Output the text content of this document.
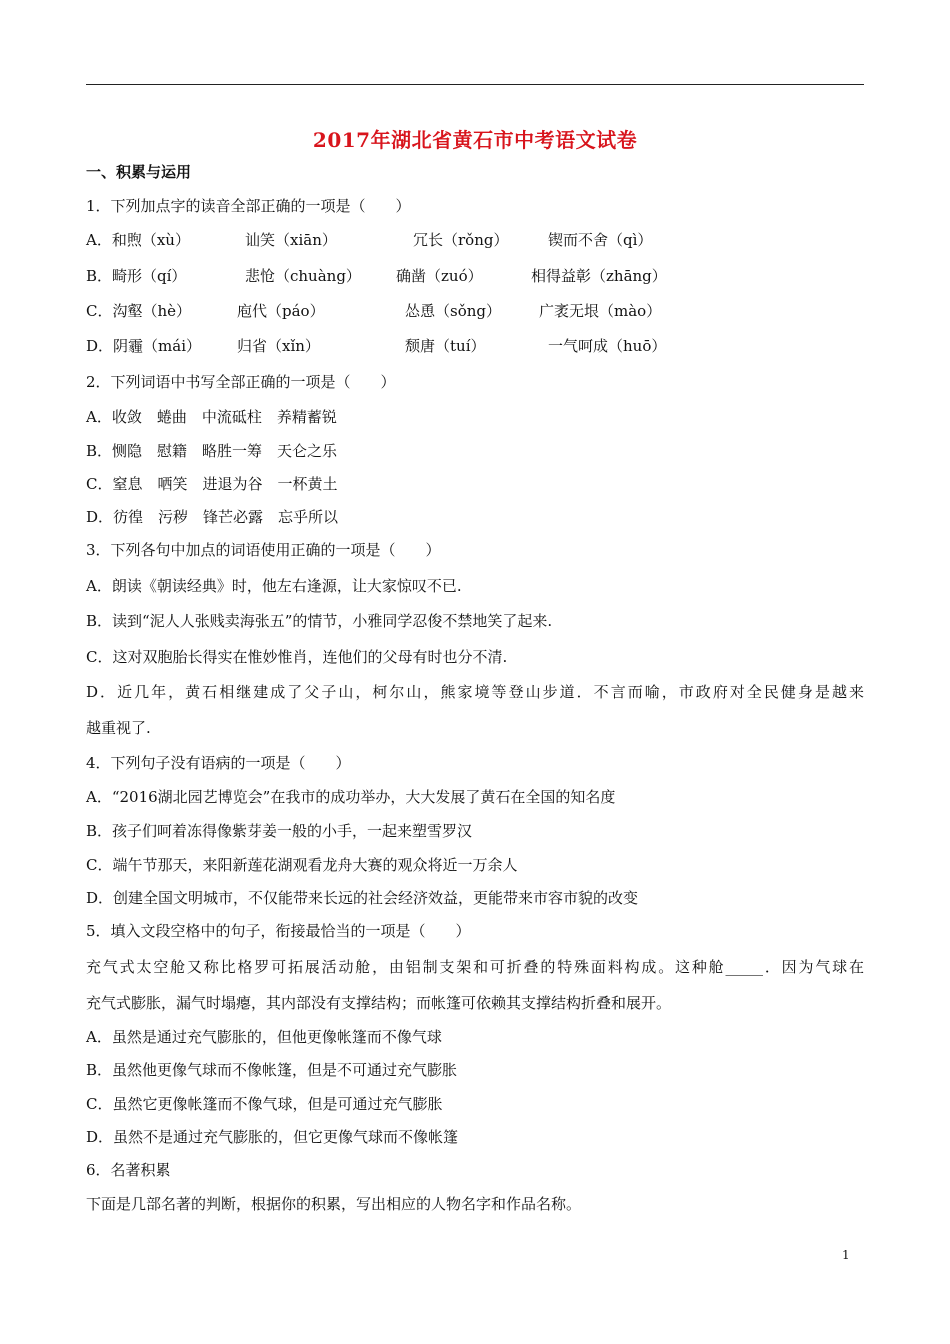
2017年湖北省黄石市中考语文试卷
一、积累与运用
1．下列加点字的读音全部正确的一项是（　　）
A．和煦（xù）	讪笑（xiān）	冗长（rǒng）	锲而不舍（qì）
B．畸形（qí）	悲怆（chuàng） 确凿（zuó）	相得益彰（zhāng）
C．沟壑（hè）	庖代（páo）	怂恿（sǒng）	广袤无垠（mào）
D．阴霾（mái） 归省（xǐn）	颓唐（tuí）	一气呵成（huō）
2．下列词语中书写全部正确的一项是（　　）
A．收敛　蜷曲　中流砥柱　养精蓄锐
B．恻隐　慰籍　略胜一筹　天仑之乐
C．窒息　哂笑　进退为谷　一杯黄土
D．彷徨　污秽　锋芒必露　忘乎所以
3．下列各句中加点的词语使用正确的一项是（　　）
A．朗读《朝读经典》时，他左右逢源，让大家惊叹不已.
B．读到“泥人人张贱卖海张五”的情节，小雅同学忍俊不禁地笑了起来.
C．这对双胞胎长得实在惟妙惟肖，连他们的父母有时也分不清.
D．近几年，黄石相继建成了父子山，柯尔山，熊家境等登山步道．不言而喻，市政府对全民健身是越来
越重视了.
4．下列句子没有语病的一项是（　　）
A．“2016湖北园艺博览会”在我市的成功举办，大大发展了黄石在全国的知名度
B．孩子们呵着冻得像紫芽姜一般的小手，一起来塑雪罗汉
C．端午节那天，来阳新莲花湖观看龙舟大赛的观众将近一万余人
D．创建全国文明城市，不仅能带来长远的社会经济效益，更能带来市容市貌的改变
5．填入文段空格中的句子，衔接最恰当的一项是（　　）
充气式太空舱又称比格罗可拓展活动舱，由铝制支架和可折叠的特殊面料构成。这种舱_____．因为气球在
充气式膨胀，漏气时塌瘪，其内部没有支撑结构；而帐篷可依赖其支撑结构折叠和展开。
A．虽然是通过充气膨胀的，但他更像帐篷而不像气球
B．虽然他更像气球而不像帐篷，但是不可通过充气膨胀
C．虽然它更像帐篷而不像气球，但是可通过充气膨胀
D．虽然不是通过充气膨胀的，但它更像气球而不像帐篷
6．名著积累
下面是几部名著的判断，根据你的积累，写出相应的人物名字和作品名称。
1
